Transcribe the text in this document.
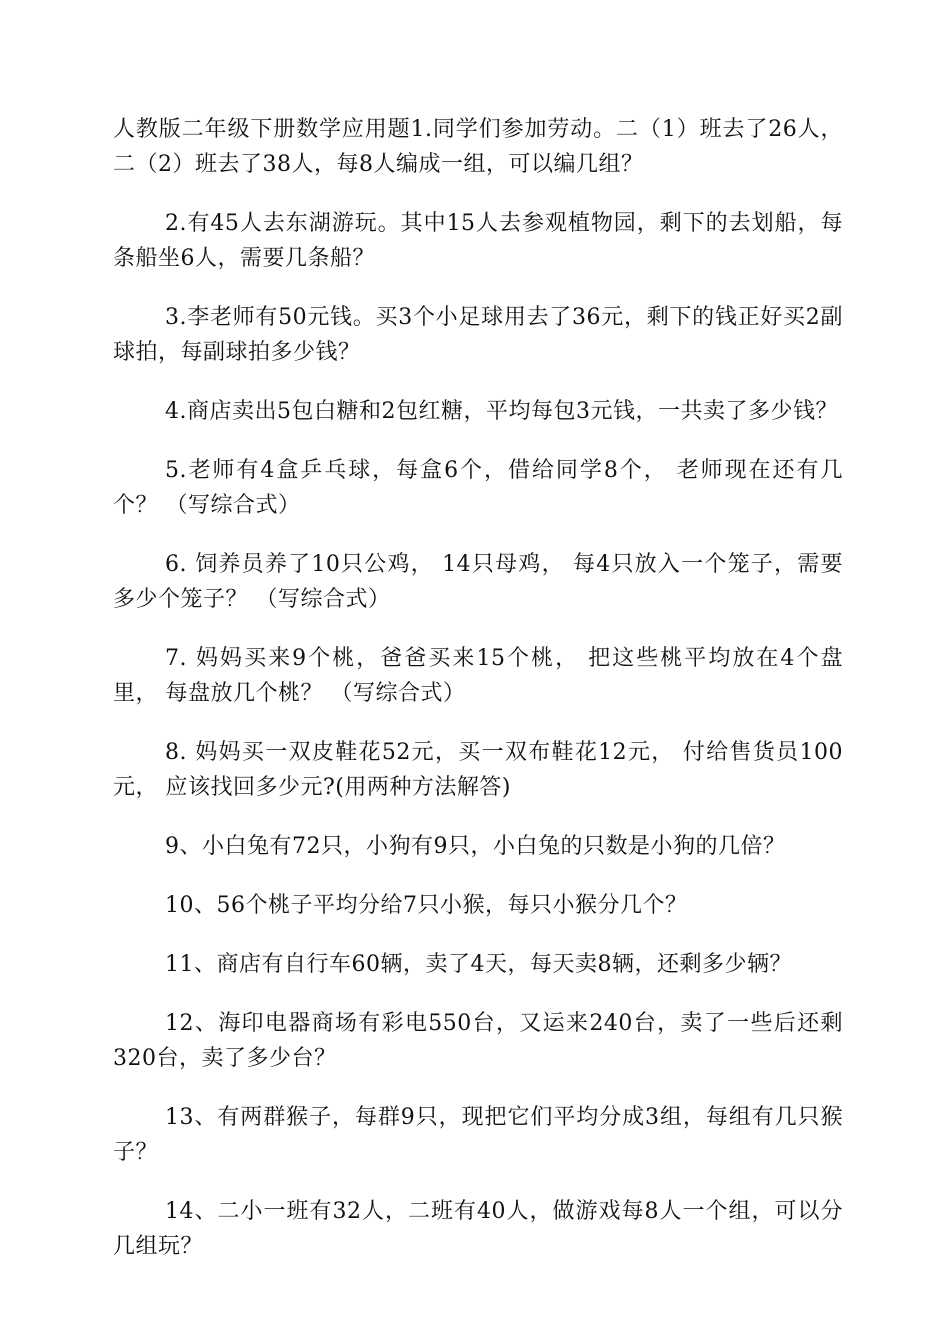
人教版二年级下册数学应用题1.同学们参加劳动。二（1）班去了26人，二（2）班去了38人，每8人编成一组，可以编几组？

2.有45人去东湖游玩。其中15人去参观植物园，剩下的去划船，每条船坐6人，需要几条船？

3.李老师有50元钱。买3个小足球用去了36元，剩下的钱正好买2副球拍，每副球拍多少钱？

4.商店卖出5包白糖和2包红糖，平均每包3元钱，一共卖了多少钱？

5.老师有4盒乒乓球，每盒6个，借给同学8个， 老师现在还有几个？ （写综合式）

6. 饲养员养了10只公鸡， 14只母鸡， 每4只放入一个笼子，需要多少个笼子？ （写综合式）

7. 妈妈买来9个桃，爸爸买来15个桃， 把这些桃平均放在4个盘里， 每盘放几个桃？ （写综合式）

8. 妈妈买一双皮鞋花52元，买一双布鞋花12元， 付给售货员100元， 应该找回多少元?(用两种方法解答)

9、小白兔有72只，小狗有9只，小白兔的只数是小狗的几倍？

10、56个桃子平均分给7只小猴，每只小猴分几个？

11、商店有自行车60辆，卖了4天，每天卖8辆，还剩多少辆？

12、海印电器商场有彩电550台，又运来240台，卖了一些后还剩320台，卖了多少台？

13、有两群猴子，每群9只，现把它们平均分成3组，每组有几只猴子？

14、二小一班有32人，二班有40人，做游戏每8人一个组，可以分几组玩？
